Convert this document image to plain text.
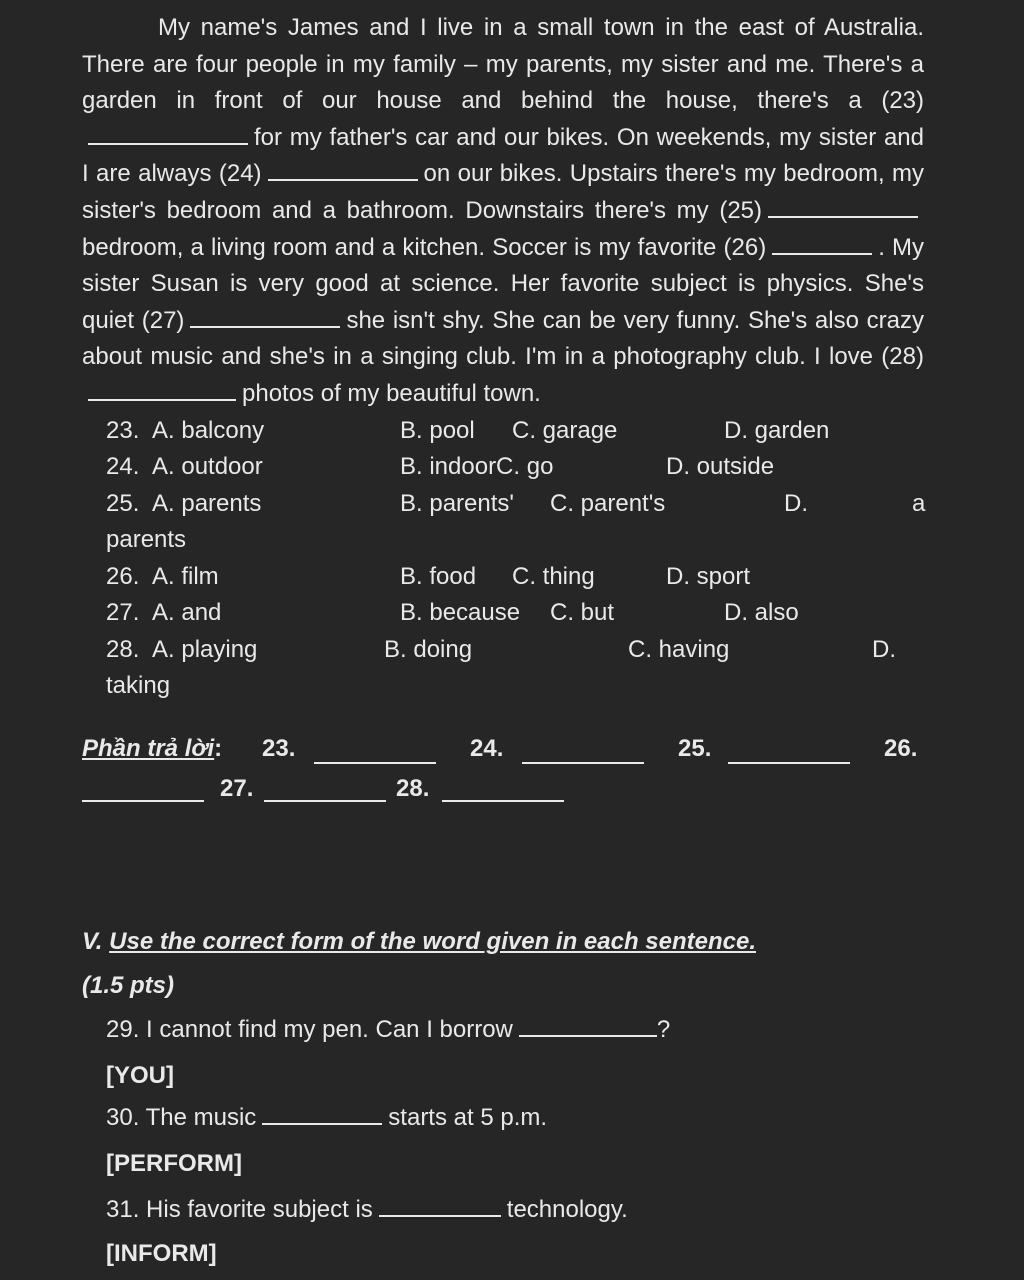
My name's James and I live in a small town in the east of Australia. There are four people in my family – my parents, my sister and me. There's a garden in front of our house and behind the house, there's a (23)for my father's car and our bikes. On weekends, my sister and I are always (24)	on our bikes. Upstairs there's my bedroom, my sister's bedroom and a bathroom. Downstairs there's my (25)bedroom, a living room and a kitchen. Soccer is my favorite (26)	. My sister Susan is very good at science. Her favorite subject is physics. She's quiet (27)	she isn't shy. She can be very funny. She's also crazy about music and she's in a singing club. I'm in a photography club. I love (28)photos of my beautiful town.
23. A. balcony	B. pool C. garage	D. garden
24. A. outdoor	B. indoorC. go	D. outside
25. A. parents	B. parents' C. parent's	D.	a
parents
26. A. film	B. food C. thing	D. sport
27. A. and	B. because C. but	D. also
28. A. playing	B. doing	C. having	D.
taking
Phần trả lời: 23.	24.	25.	26.
27.	28.
V. Use the correct form of the word given in each sentence.
(1.5 pts)
29. I cannot find my pen. Can I borrow	?
[YOU]
30. The music	starts at 5 p.m.
[PERFORM]
31. His favorite subject is	technology.
[INFORM]
